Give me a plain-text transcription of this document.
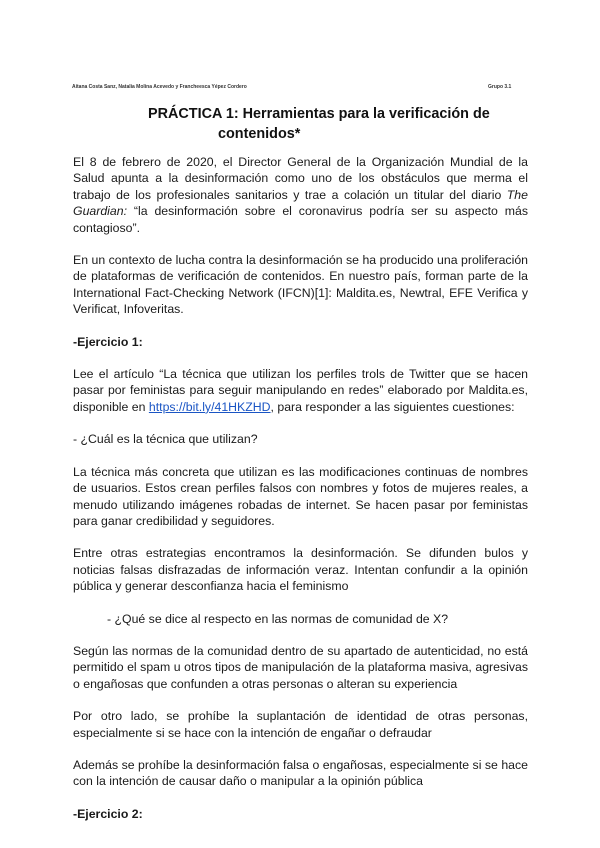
Aitana Costa Sanz, Natalia Molina Acevedo y Francheesca Yépez Cordero	Grupo 3.1
PRÁCTICA 1: Herramientas para la verificación de
contenidos*

El 8 de febrero de 2020, el Director General de la Organización Mundial de la Salud apunta a la desinformación como uno de los obstáculos que merma el trabajo de los profesionales sanitarios y trae a colación un titular del diario The Guardian: “la desinformación sobre el coronavirus podría ser su aspecto más contagioso”.

En un contexto de lucha contra la desinformación se ha producido una proliferación de plataformas de verificación de contenidos. En nuestro país, forman parte de la International Fact-Checking Network (IFCN)[1]: Maldita.es, Newtral, EFE Verifica y Verificat, Infoveritas.

-Ejercicio 1:

Lee el artículo “La técnica que utilizan los perfiles trols de Twitter que se hacen pasar por feministas para seguir manipulando en redes” elaborado por Maldita.es, disponible en https://bit.ly/41HKZHD, para responder a las siguientes cuestiones:

- ¿Cuál es la técnica que utilizan?

La técnica más concreta que utilizan es las modificaciones continuas de nombres de usuarios. Estos crean perfiles falsos con nombres y fotos de mujeres reales, a menudo utilizando imágenes robadas de internet. Se hacen pasar por feministas para ganar credibilidad y seguidores.

Entre otras estrategias encontramos la desinformación. Se difunden bulos y noticias falsas disfrazadas de información veraz. Intentan confundir a la opinión pública y generar desconfianza hacia el feminismo

- ¿Qué se dice al respecto en las normas de comunidad de X?

Según las normas de la comunidad dentro de su apartado de autenticidad, no está permitido el spam u otros tipos de manipulación de la plataforma masiva, agresivas o engañosas que confunden a otras personas o alteran su experiencia

Por otro lado, se prohíbe la suplantación de identidad de otras personas, especialmente si se hace con la intención de engañar o defraudar

Además se prohíbe la desinformación falsa o engañosas, especialmente si se hace con la intención de causar daño o manipular a la opinión pública

-Ejercicio 2:
